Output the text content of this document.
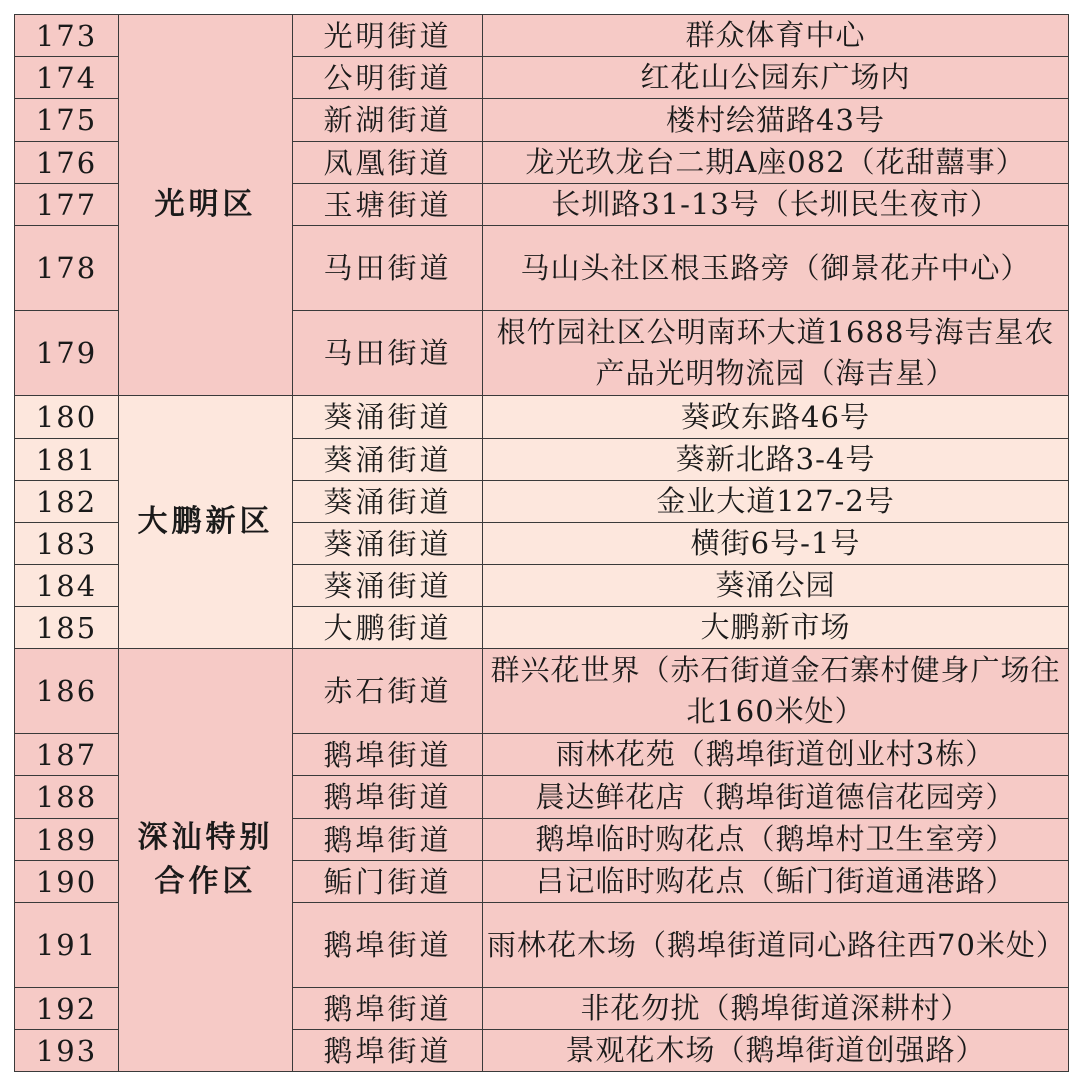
173	光明区	光明街道	群众体育中心
174		公明街道	红花山公园东广场内
175		新湖街道	楼村绘猫路43号
176		凤凰街道	龙光玖龙台二期A座082（花甜囍事）
177		玉塘街道	长圳路31-13号（长圳民生夜市）
178		马田街道	马山头社区根玉路旁（御景花卉中心）
179		马田街道	根竹园社区公明南环大道1688号海吉星农产品光明物流园（海吉星）
180	大鹏新区	葵涌街道	葵政东路46号
181		葵涌街道	葵新北路3-4号
182		葵涌街道	金业大道127-2号
183		葵涌街道	横街6号-1号
184		葵涌街道	葵涌公园
185		大鹏街道	大鹏新市场
186	深汕特别合作区	赤石街道	群兴花世界（赤石街道金石寨村健身广场往北160米处）
187		鹅埠街道	雨林花苑（鹅埠街道创业村3栋）
188		鹅埠街道	晨达鲜花店（鹅埠街道德信花园旁）
189		鹅埠街道	鹅埠临时购花点（鹅埠村卫生室旁）
190		鲘门街道	吕记临时购花点（鲘门街道通港路）
191		鹅埠街道	雨林花木场（鹅埠街道同心路往西70米处）
192		鹅埠街道	非花勿扰（鹅埠街道深耕村）
193		鹅埠街道	景观花木场（鹅埠街道创强路）
